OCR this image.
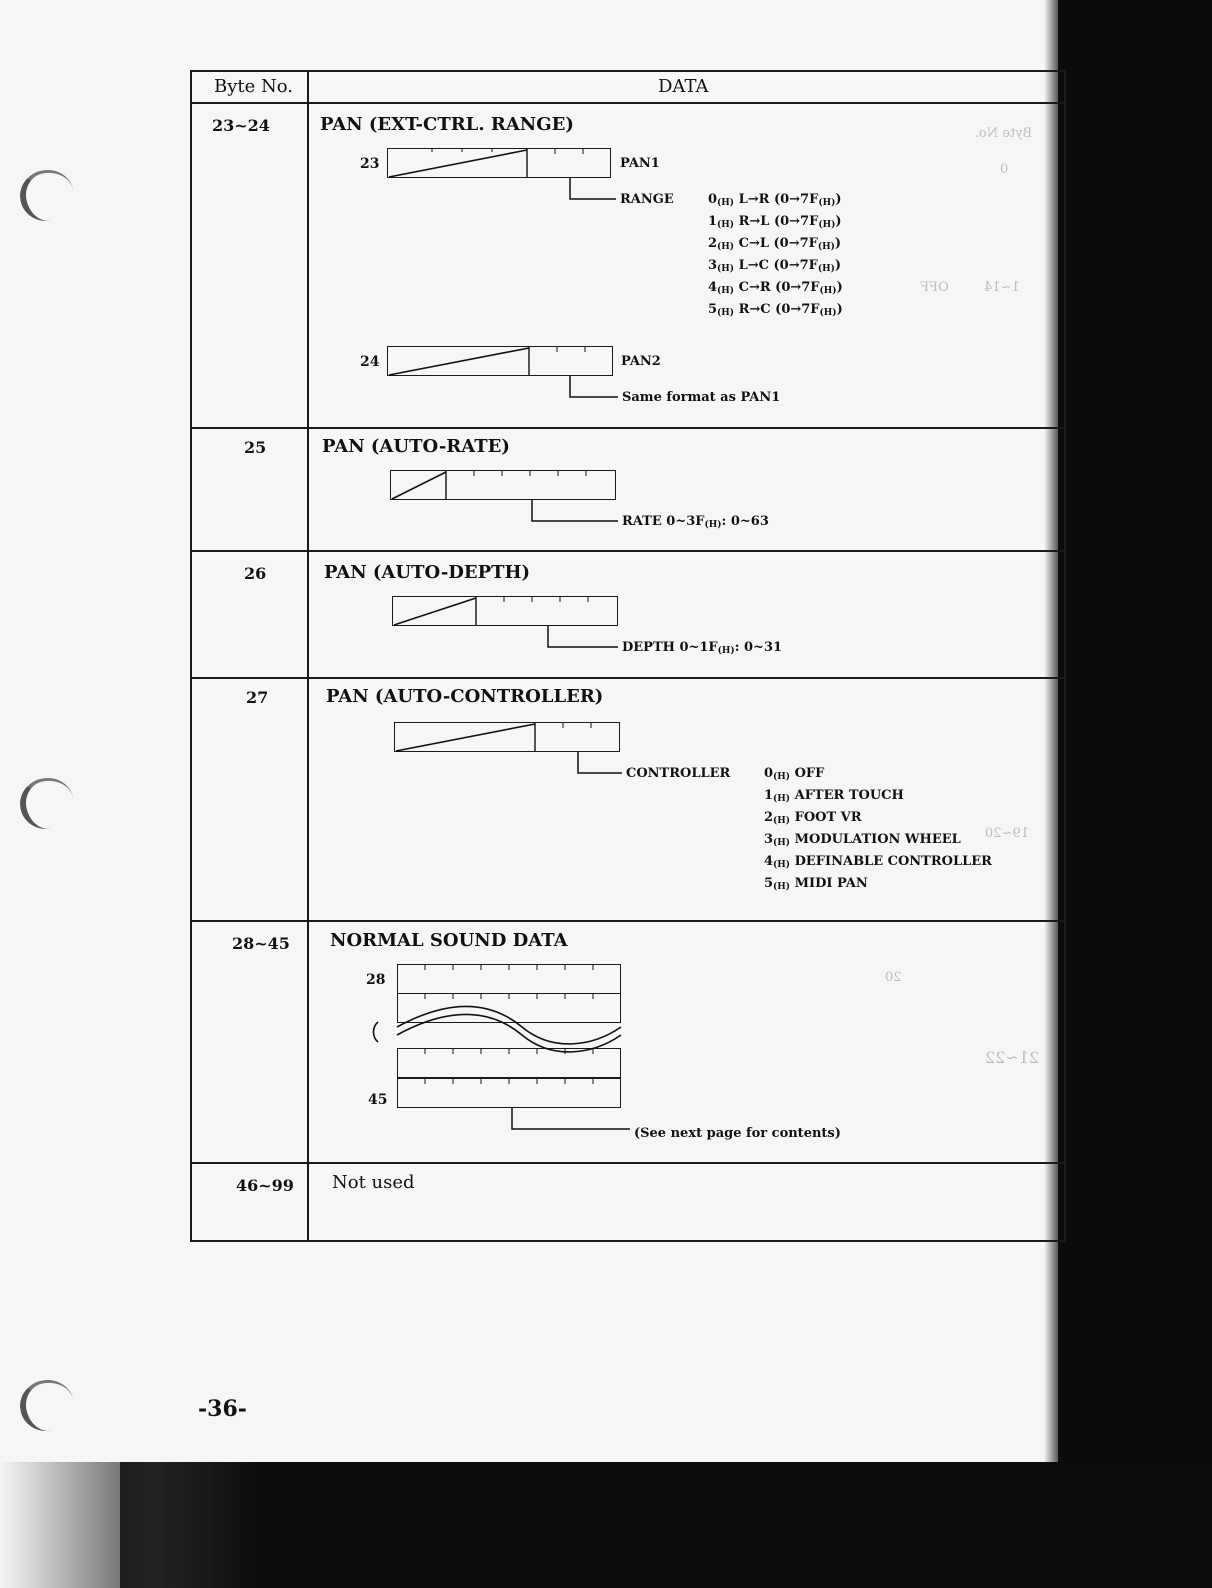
Byte No.
0
1~14
OFF
19~20
20
21~22
Byte No.	DATA
23~24	PAN (EXT-CTRL. RANGE)
23	PAN1
RANGE	$0_{(H)}$ L→R $(0\to 7F_{(H)})$
$1_{(H)}$ R→L $(0\to 7F_{(H)})$
$2_{(H)}$ C→L $(0\to 7F_{(H)})$
$3_{(H)}$ L→C $(0\to 7F_{(H)})$
$4_{(H)}$ C→R $(0\to 7F_{(H)})$
$5_{(H)}$ R→C $(0\to 7F_{(H)})$
24	PAN2
Same format as PAN1
25	PAN (AUTO-RATE)
RATE $0\sim 3F_{(H)}$: 0~63
26	PAN (AUTO-DEPTH)
DEPTH $0\sim 1F_{(H)}$: 0~31
27	PAN (AUTO-CONTROLLER)
CONTROLLER	$0_{(H)}$ OFF
$1_{(H)}$ AFTER TOUCH
$2_{(H)}$ FOOT VR
$3_{(H)}$ MODULATION WHEEL
$4_{(H)}$ DEFINABLE CONTROLLER
$5_{(H)}$ MIDI PAN
28~45 NORMAL SOUND DATA
28
45
(See next page for contents)
46~99 Not used
-36-
